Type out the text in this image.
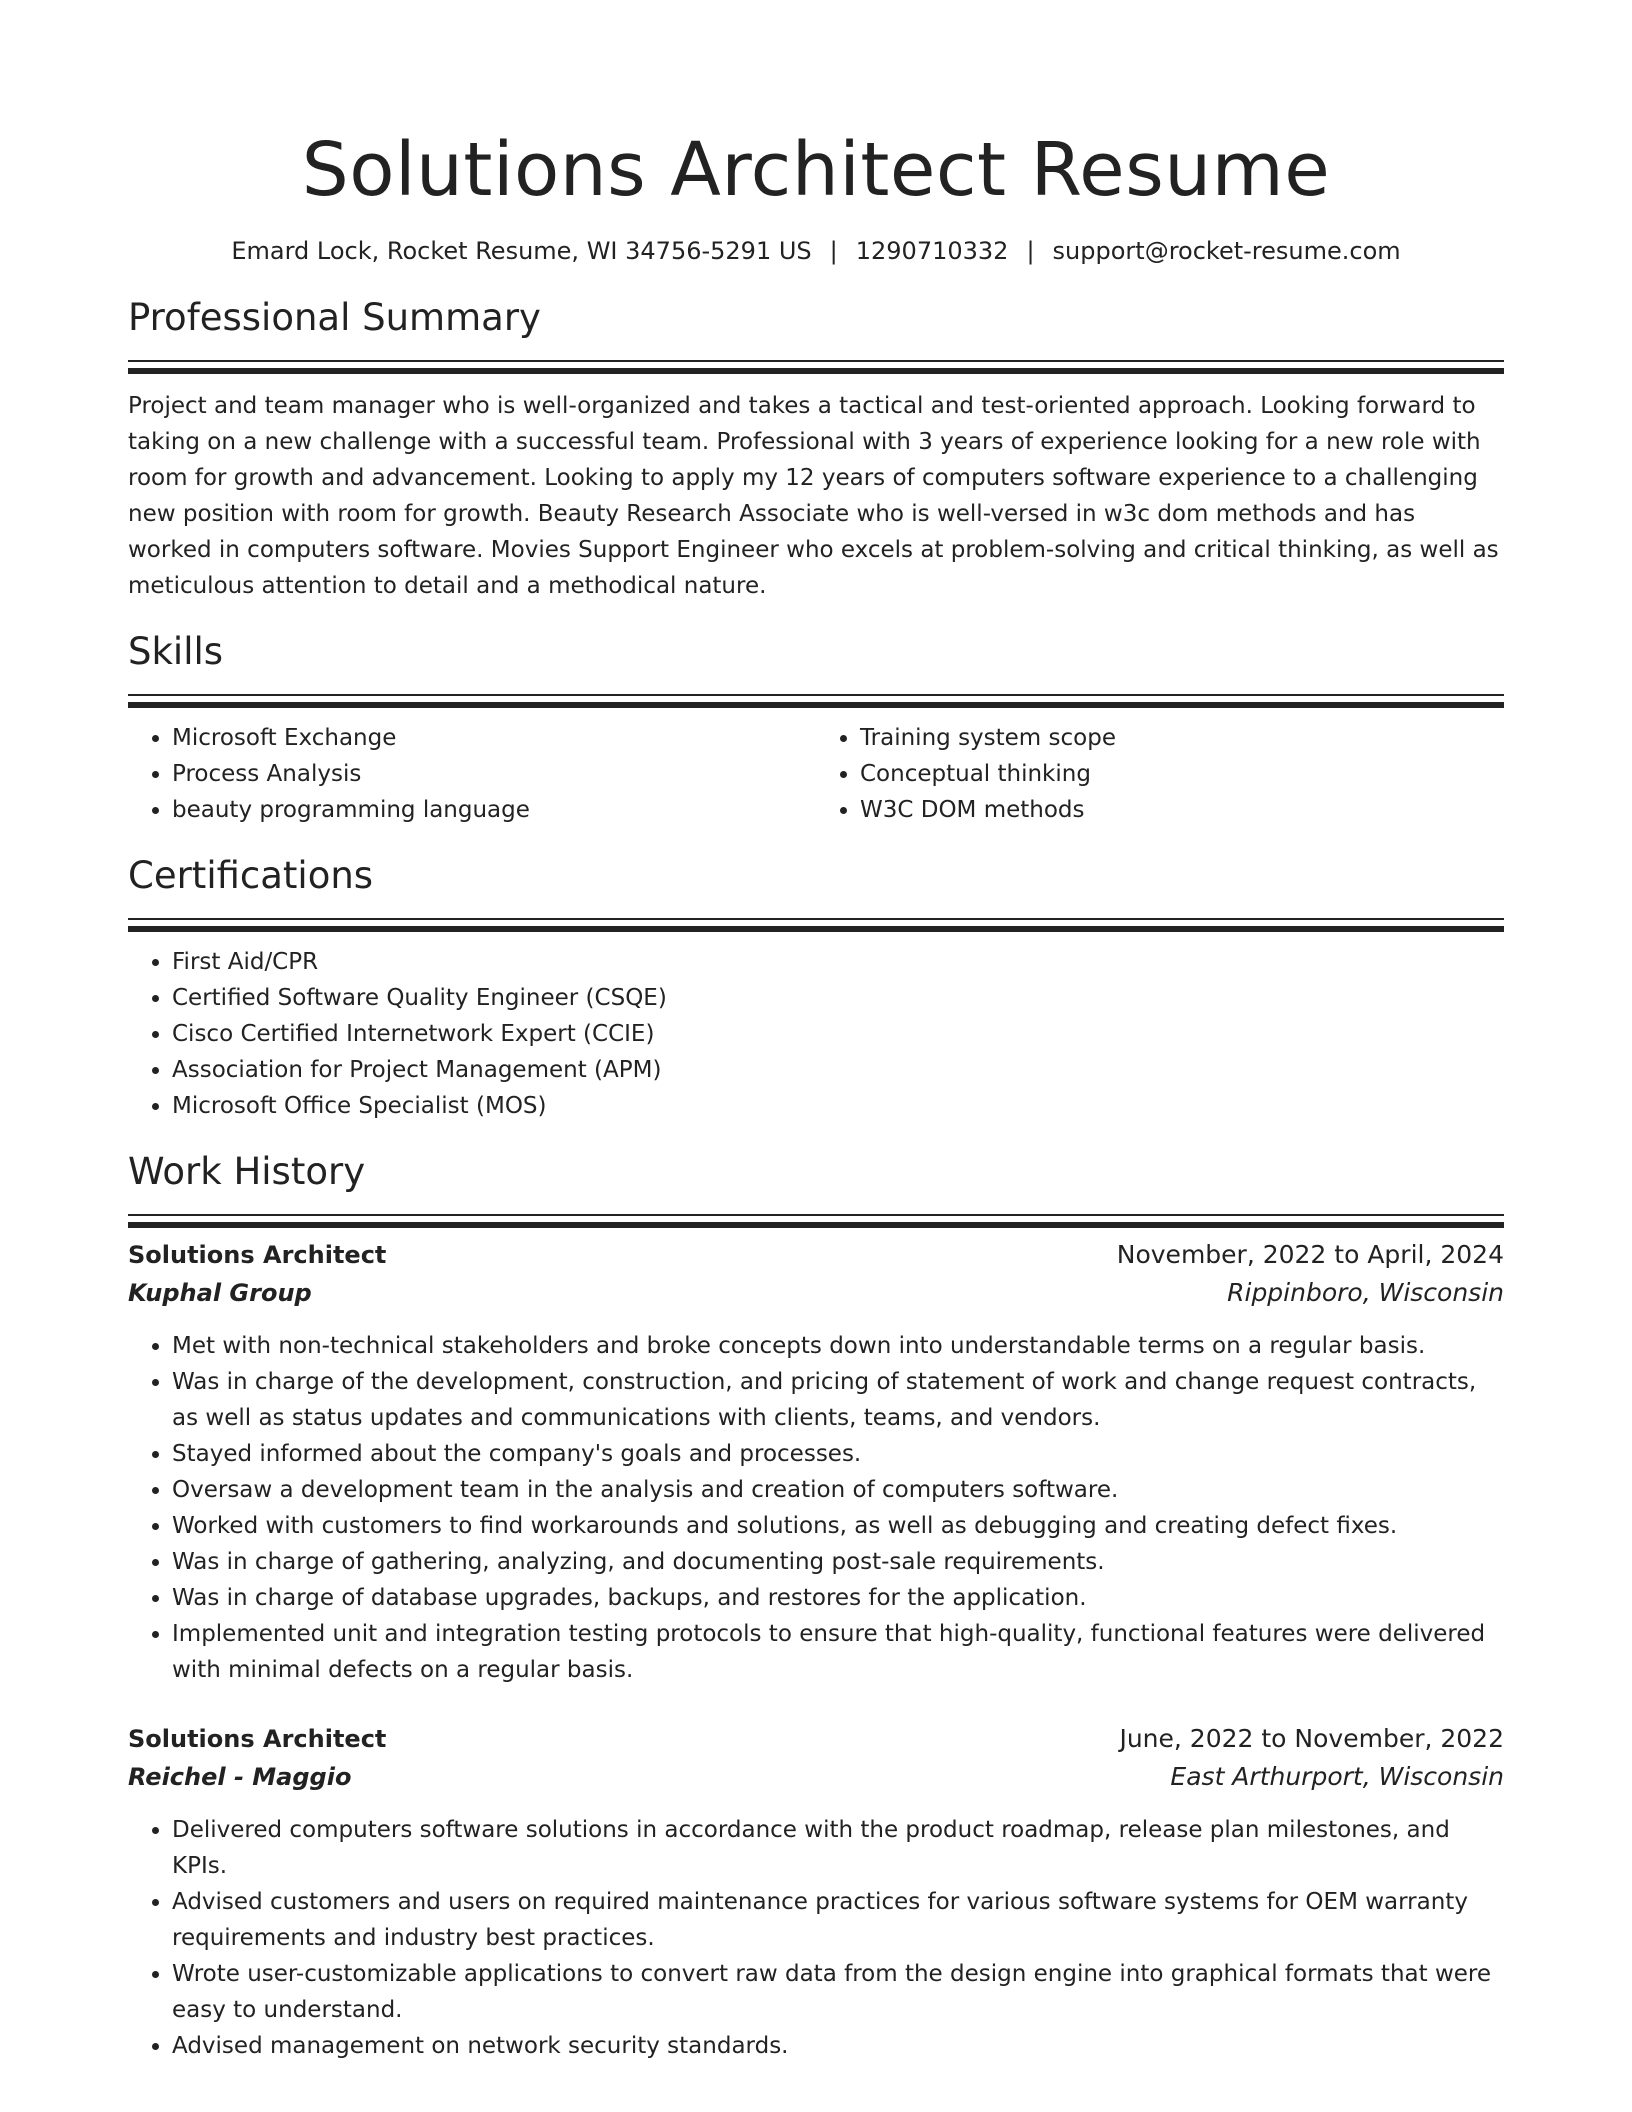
Solutions Architect Resume
Emard Lock, Rocket Resume, WI 34756-5291 US | 1290710332 | support@rocket-resume.com
Professional Summary

Project and team manager who is well-organized and takes a tactical and test-oriented approach. Looking forward to taking on a new challenge with a successful team. Professional with 3 years of experience looking for a new role with room for growth and advancement. Looking to apply my 12 years of computers software experience to a challenging new position with room for growth. Beauty Research Associate who is well-versed in w3c dom methods and has worked in computers software. Movies Support Engineer who excels at problem-solving and critical thinking, as well as meticulous attention to detail and a methodical nature.

Skills
• Microsoft Exchange
• Process Analysis
• beauty programming language
• Training system scope
• Conceptual thinking
• W3C DOM methods
Certifications
• First Aid/CPR
• Certified Software Quality Engineer (CSQE)
• Cisco Certified Internetwork Expert (CCIE)
• Association for Project Management (APM)
• Microsoft Office Specialist (MOS)
Work History
Solutions Architect	November, 2022 to April, 2024
Kuphal Group	Rippinboro, Wisconsin
• Met with non-technical stakeholders and broke concepts down into understandable terms on a regular basis.
• Was in charge of the development, construction, and pricing of statement of work and change request contracts, as well as status updates and communications with clients, teams, and vendors.
• Stayed informed about the company's goals and processes.
• Oversaw a development team in the analysis and creation of computers software.
• Worked with customers to find workarounds and solutions, as well as debugging and creating defect fixes.
• Was in charge of gathering, analyzing, and documenting post-sale requirements.
• Was in charge of database upgrades, backups, and restores for the application.
• Implemented unit and integration testing protocols to ensure that high-quality, functional features were delivered with minimal defects on a regular basis.
Solutions Architect	June, 2022 to November, 2022
Reichel - Maggio	East Arthurport, Wisconsin
• Delivered computers software solutions in accordance with the product roadmap, release plan milestones, and KPIs.
• Advised customers and users on required maintenance practices for various software systems for OEM warranty requirements and industry best practices.
• Wrote user-customizable applications to convert raw data from the design engine into graphical formats that were easy to understand.
• Advised management on network security standards.
